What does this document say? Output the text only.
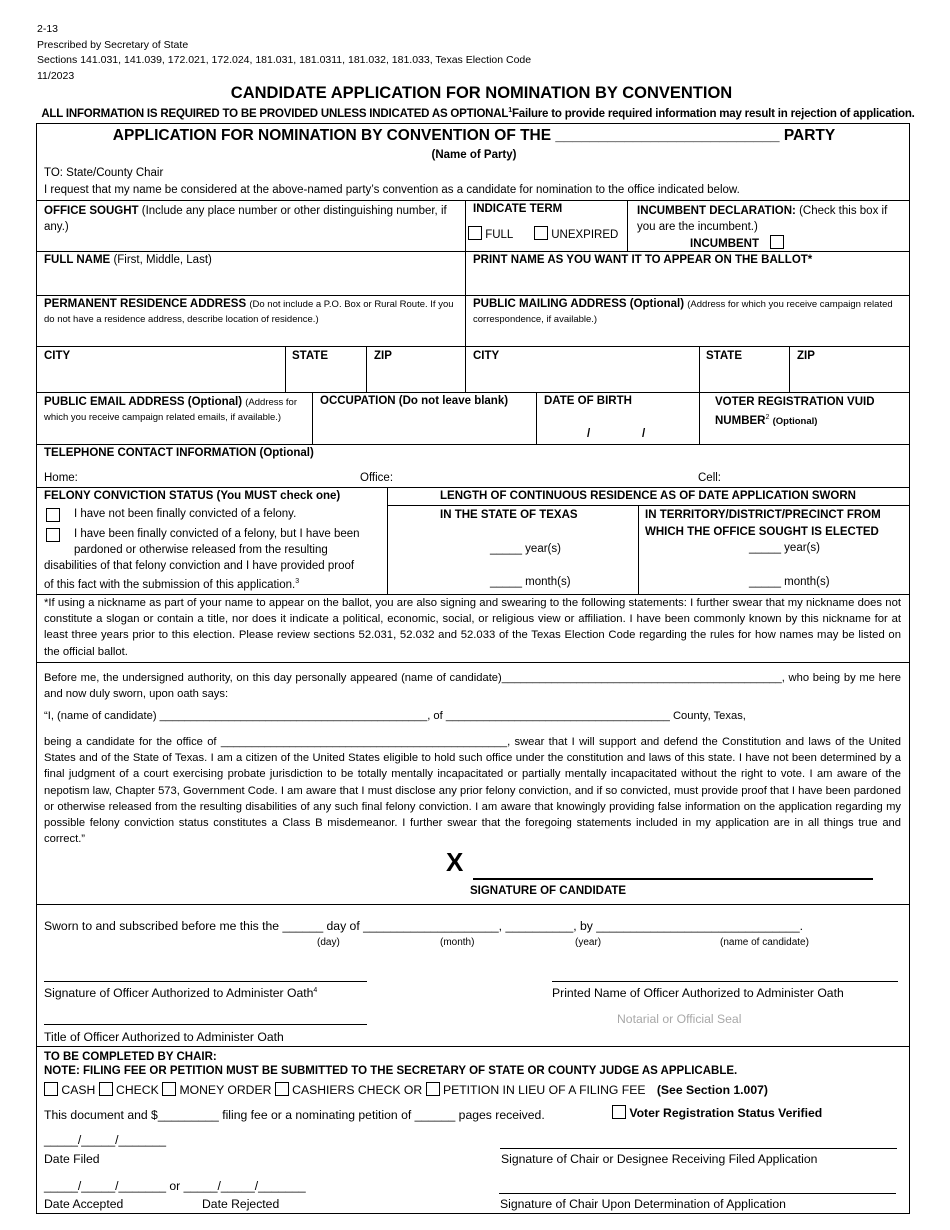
2-13
Prescribed by Secretary of State
Sections 141.031, 141.039, 172.021, 172.024, 181.031, 181.0311, 181.032, 181.033, Texas Election Code
11/2023
CANDIDATE APPLICATION FOR NOMINATION BY CONVENTION
ALL INFORMATION IS REQUIRED TO BE PROVIDED UNLESS INDICATED AS OPTIONAL$^1$Failure to provide required information may result in rejection of application.
APPLICATION FOR NOMINATION BY CONVENTION OF THE __________________________ PARTY
(Name of Party)
TO: State/County Chair
I request that my name be considered at the above-named party’s convention as a candidate for nomination to the office indicated below.
OFFICE SOUGHT (Include any place number or other distinguishing number, if any.)
INDICATE TERM
FULL	UNEXPIRED
INCUMBENT DECLARATION: (Check this box if you are the incumbent.)
INCUMBENT
FULL NAME (First, Middle, Last)	PRINT NAME AS YOU WANT IT TO APPEAR ON THE BALLOT*
PERMANENT RESIDENCE ADDRESS (Do not include a P.O. Box or Rural Route. If you do not have a residence address, describe location of residence.)
PUBLIC MAILING ADDRESS (Optional) (Address for which you receive campaign related correspondence, if available.)
CITY	STATE	ZIP	CITY	STATE	ZIP
PUBLIC EMAIL ADDRESS (Optional) (Address for which you receive campaign related emails, if available.)
OCCUPATION (Do not leave blank)	DATE OF BIRTH
/	/
VOTER REGISTRATION VUID NUMBER$^2$ (Optional)
TELEPHONE CONTACT INFORMATION (Optional)
Home:	Office:	Cell:
FELONY CONVICTION STATUS (You MUST check one)
I have not been finally convicted of a felony.
I have been finally convicted of a felony, but I have been
pardoned or otherwise released from the resulting
disabilities of that felony conviction and I have provided proof
of this fact with the submission of this application.$^3$
LENGTH OF CONTINUOUS RESIDENCE AS OF DATE APPLICATION SWORN
IN THE STATE OF TEXAS
_____ year(s)
_____ month(s)
IN TERRITORY/DISTRICT/PRECINCT FROM WHICH THE OFFICE SOUGHT IS ELECTED
_____ year(s)
_____ month(s)
*If using a nickname as part of your name to appear on the ballot, you are also signing and swearing to the following statements: I further swear that my nickname does not constitute a slogan or contain a title, nor does it indicate a political, economic, social, or religious view or affiliation. I have been commonly known by this nickname for at least three years prior to this election. Please review sections 52.031, 52.032 and 52.033 of the Texas Election Code regarding the rules for how names may be listed on the official ballot.
Before me, the undersigned authority, on this day personally appeared (name of candidate)_____________________________________________, who being by me here and now duly sworn, upon oath says:
“I, (name of candidate) ___________________________________________, of ____________________________________ County, Texas,
being a candidate for the office of ______________________________________________, swear that I will support and defend the Constitution and laws of the United States and of the State of Texas. I am a citizen of the United States eligible to hold such office under the constitution and laws of this state. I have not been determined by a final judgment of a court exercising probate jurisdiction to be totally mentally incapacitated or partially mentally incapacitated without the right to vote. I am aware of the nepotism law, Chapter 573, Government Code. I am aware that I must disclose any prior felony conviction, and if so convicted, must provide proof that I have been pardoned or otherwise released from the resulting disabilities of any such final felony conviction. I am aware that knowingly providing false information on the application regarding my possible felony conviction status constitutes a Class B misdemeanor. I further swear that the foregoing statements included in my application are in all things true and correct.”
X
SIGNATURE OF CANDIDATE
Sworn to and subscribed before me this the ______ day of ____________________, __________, by ______________________________.
(day)	(month)	(year)	(name of candidate)
Signature of Officer Authorized to Administer Oath$^4$	Printed Name of Officer Authorized to Administer Oath
Notarial or Official Seal
Title of Officer Authorized to Administer Oath
TO BE COMPLETED BY CHAIR:
NOTE: FILING FEE OR PETITION MUST BE SUBMITTED TO THE SECRETARY OF STATE OR COUNTY JUDGE AS APPLICABLE.
CASH CHECK MONEY ORDER CASHIERS CHECK OR PETITION IN LIEU OF A FILING FEE (See Section 1.007)
This document and $_________ filing fee or a nominating petition of ______ pages received.	Voter Registration Status Verified
_____/_____/_______
Date Filed	Signature of Chair or Designee Receiving Filed Application
_____/_____/_______ or _____/_____/_______
Date Accepted	Date Rejected	Signature of Chair Upon Determination of Application
